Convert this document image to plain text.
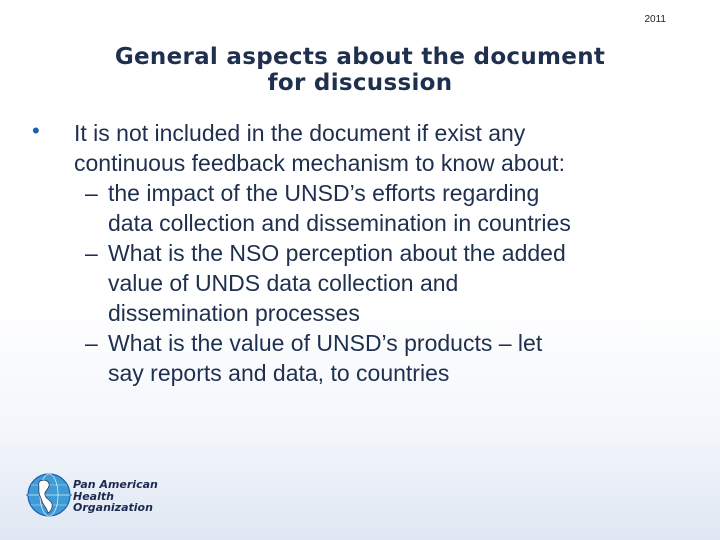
2011
General aspects about the document
for discussion
• It is not included in the document if exist any
continuous feedback mechanism to know about:
– the impact of the UNSD’s efforts regarding
data collection and dissemination in countries
– What is the NSO perception about the added
value of UNDS data collection and
dissemination processes
– What is the value of UNSD’s products – let
say reports and data, to countries
Pan American
Health
Organization
